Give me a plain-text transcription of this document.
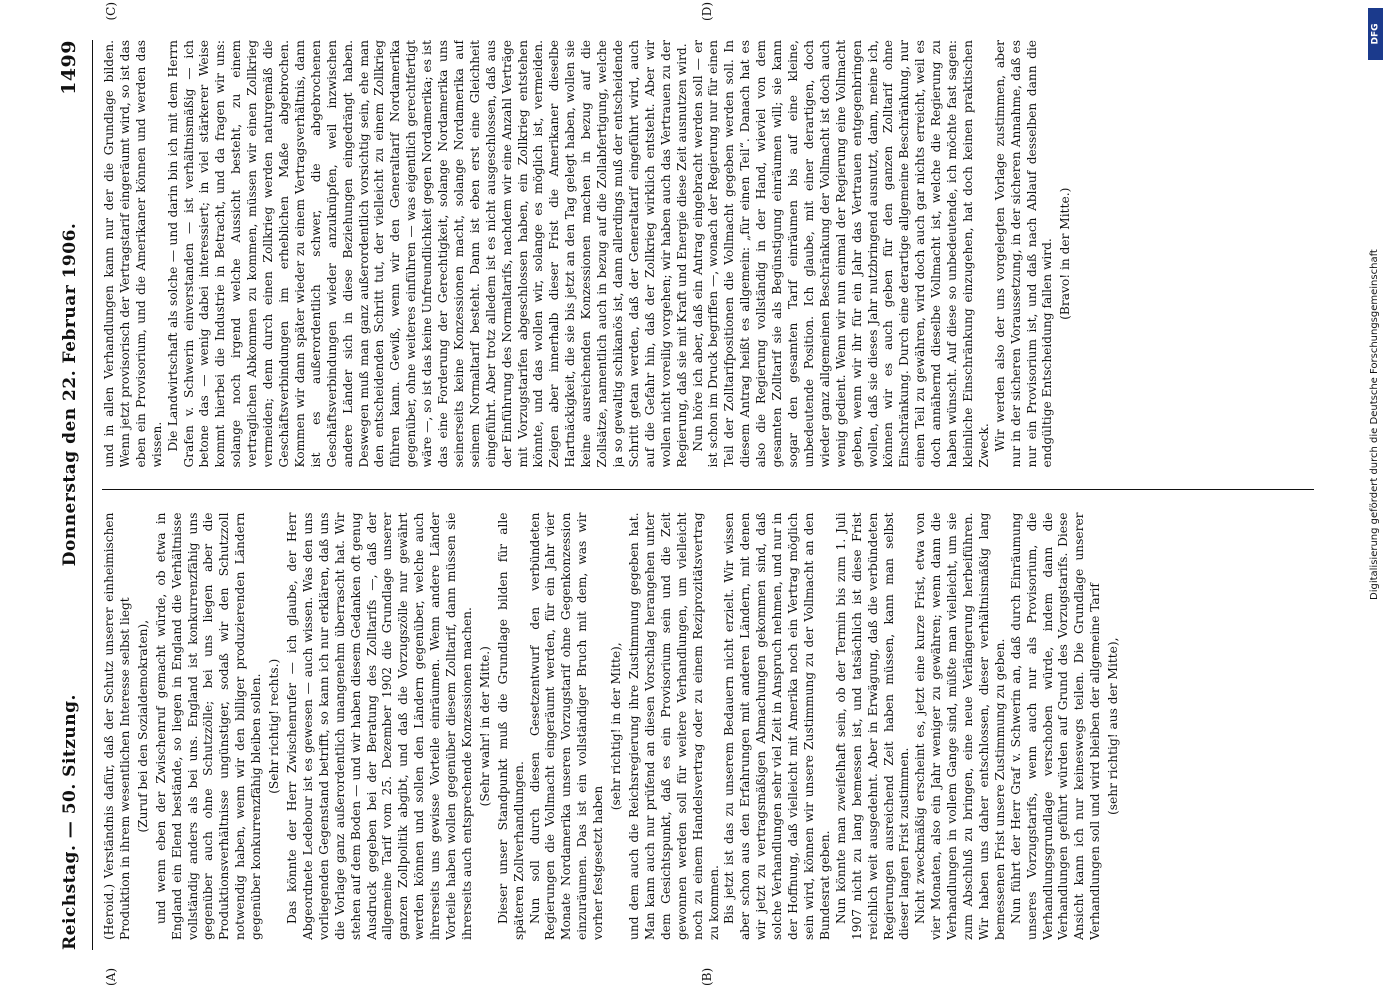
Reichstag. — 50. Sitzung.
Donnerstag den 22. Februar 1906.
1499
(A)	(B)
(C)	(D)

(Heroid.) Verständnis dafür, daß der Schutz unserer einheimischen Produktion in ihrem wesentlichen Interesse selbst liegt (Zuruf bei den Sozialdemokraten), und wenn eben der Zwischenruf gemacht würde, ob etwa in England ein Elend bestände, so liegen in England die Verhältnisse vollständig anders als bei uns. England ist konkurrenzfähig uns gegenüber auch ohne Schutzzölle; bei uns liegen aber die Produktionsverhältnisse ungünstiger, sodaß wir den Schutzzoll notwendig haben, wenn wir den billiger produzierenden Ländern gegenüber konkurrenzfähig bleiben sollen. (Sehr richtig! rechts.) Das könnte der Herr Zwischenrufer — ich glaube, der Herr Abgeordnete Ledebour ist es gewesen — auch wissen. Was den uns vorliegenden Gegenstand betrifft, so kann ich nur erklären, daß uns die Vorlage ganz außerordentlich unangenehm überrascht hat. Wir stehen auf dem Boden — und wir haben diesem Gedanken oft genug Ausdruck gegeben bei der Beratung des Zolltarifs —, daß der allgemeine Tarif vom 25. Dezember 1902 die Grundlage unserer ganzen Zollpolitik abgibt, und daß die Vorzugszölle nur gewährt werden können und sollen den Ländern gegenüber, welche auch ihrerseits uns gewisse Vorteile einräumen. Wenn andere Länder Vorteile haben wollen gegenüber diesem Zolltarif, dann müssen sie ihrerseits auch entsprechende Konzessionen machen. (Sehr wahr! in der Mitte.) Dieser unser Standpunkt muß die Grundlage bilden für alle späteren Zollverhandlungen. Nun soll durch diesen Gesetzentwurf den verbündeten Regierungen die Vollmacht eingeräumt werden, für ein Jahr vier Monate Nordamerika unseren Vorzugstarif ohne Gegenkonzession einzuräumen. Das ist ein vollständiger Bruch mit dem, was wir vorher festgesetzt haben

(sehr richtig! in der Mitte), und dem auch die Reichsregierung ihre Zustimmung gegeben hat. Man kann auch nur prüfend an diesen Vorschlag herangehen unter dem Gesichtspunkt, daß es ein Provisorium sein und die Zeit gewonnen werden soll für weitere Verhandlungen, um vielleicht noch zu einem Handelsvertrag oder zu einem Reziprozitätsvertrag zu kommen. Bis jetzt ist das zu unserem Bedauern nicht erzielt. Wir wissen aber schon aus den Erfahrungen mit anderen Ländern, mit denen wir jetzt zu vertragsmäßigen Abmachungen gekommen sind, daß solche Verhandlungen sehr viel Zeit in Anspruch nehmen, und nur in der Hoffnung, daß vielleicht mit Amerika noch ein Vertrag möglich sein wird, können wir unsere Zustimmung zu der Vollmacht an den Bundesrat geben. Nun könnte man zweifelhaft sein, ob der Termin bis zum 1. Juli 1907 nicht zu lang bemessen ist, und tatsächlich ist diese Frist reichlich weit ausgedehnt. Aber in Erwägung, daß die verbündeten Regierungen ausreichend Zeit haben müssen, kann man selbst dieser langen Frist zustimmen. Nicht zweckmäßig erscheint es, jetzt eine kurze Frist, etwa von vier Monaten, also ein Jahr weniger zu gewähren; wenn dann die Verhandlungen in vollem Gange sind, müßte man vielleicht, um sie zum Abschluß zu bringen, eine neue Verlängerung herbeiführen. Wir haben uns daher entschlossen, dieser verhältnismäßig lang bemessenen Frist unsere Zustimmung zu geben. Nun führt der Herr Graf v. Schwerin an, daß durch Einräumung unseres Vorzugstarifs, wenn auch nur als Provisorium, die Verhandlungsgrundlage verschoben würde, indem dann die Verhandlungen geführt würden auf Grund des Vorzugstarifs. Diese Ansicht kann ich nur keineswegs teilen. Die Grundlage unserer Verhandlungen soll und wird bleiben der allgemeine Tarif (sehr richtig! aus der Mitte),

und in allen Verhandlungen kann nur der die Grundlage bilden. Wenn jetzt provisorisch der Vertragstarif eingeräumt wird, so ist das eben ein Provisorium, und die Amerikaner können und werden das wissen. Die Landwirtschaft als solche — und darin bin ich mit dem Herrn Grafen v. Schwerin einverstanden — ist verhältnismäßig — ich betone das — wenig dabei interessiert; in viel stärkerer Weise kommt hierbei die Industrie in Betracht, und da fragen wir uns: solange noch irgend welche Aussicht besteht, zu einem vertraglichen Abkommen zu kommen, müssen wir einen Zollkrieg vermeiden; denn durch einen Zollkrieg werden naturgemäß die Geschäftsverbindungen im erheblichen Maße abgebrochen. Kommen wir dann später wieder zu einem Vertragsverhältnis, dann ist es außerordentlich schwer, die abgebrochenen Geschäftsverbindungen wieder anzuknüpfen, weil inzwischen andere Länder sich in diese Beziehungen eingedrängt haben. Deswegen muß man ganz außerordentlich vorsichtig sein, ehe man den entscheidenden Schritt tut, der vielleicht zu einem Zollkrieg führen kann. Gewiß, wenn wir den Generaltarif Nordamerika gegenüber, ohne weiteres einführen — was eigentlich gerechtfertigt wäre —, so ist das keine Unfreundlichkeit gegen Nordamerika; es ist das eine Forderung der Gerechtigkeit, solange Nordamerika uns seinerseits keine Konzessionen macht, solange Nordamerika auf seinem Normaltarif besteht. Dann ist eben erst eine Gleichheit eingeführt. Aber trotz alledem ist es nicht ausgeschlossen, daß aus der Einführung des Normaltarifs, nachdem wir eine Anzahl Verträge mit Vorzugstarifen abgeschlossen haben, ein Zollkrieg entstehen könnte, und das wollen wir, solange es möglich ist, vermeiden. Zeigen aber innerhalb dieser Frist die Amerikaner dieselbe Hartnäckigkeit, die sie bis jetzt an den Tag gelegt haben, wollen sie keine ausreichenden Konzessionen machen in bezug auf die Zollsätze, namentlich auch in bezug auf die Zollabfertigung, welche ja so gewaltig schikanös ist, dann allerdings muß der entscheidende Schritt getan werden, daß der Generaltarif eingeführt wird, auch auf die Gefahr hin, daß der Zollkrieg wirklich entsteht. Aber wir wollen nicht voreilig vorgehen; wir haben auch das Vertrauen zu der Regierung, daß sie mit Kraft und Energie diese Zeit ausnutzen wird. Nun höre ich aber, daß ein Antrag eingebracht werden soll — er ist schon im Druck begriffen —, wonach der Regierung nur für einen Teil der Zolltarifpositionen die Vollmacht gegeben werden soll. In diesem Antrag heißt es allgemein: „für einen Teil“. Danach hat es also die Regierung vollständig in der Hand, wieviel von dem gesamten Zolltarif sie als Begünstigung einräumen will; sie kann sogar den gesamten Tarif einräumen bis auf eine kleine, unbedeutende Position. Ich glaube, mit einer derartigen, doch wieder ganz allgemeinen Beschränkung der Vollmacht ist doch auch wenig gedient. Wenn wir nun einmal der Regierung eine Vollmacht geben, wenn wir ihr für ein Jahr das Vertrauen entgegenbringen wollen, daß sie dieses Jahr nutzbringend ausnutzt, dann, meine ich, können wir es auch geben für den ganzen Zolltarif ohne Einschränkung. Durch eine derartige allgemeine Beschränkung, nur einen Teil zu gewähren, wird doch auch gar nichts erreicht, weil es doch annähernd dieselbe Vollmacht ist, welche die Regierung zu haben wünscht. Auf diese so unbedeutende, ich möchte fast sagen: kleinliche Einschränkung einzugehen, hat doch keinen praktischen Zweck. Wir werden also der uns vorgelegten Vorlage zustimmen, aber nur in der sicheren Voraussetzung, in der sicheren Annahme, daß es nur ein Provisorium ist, und daß nach Ablauf desselben dann die endgültige Entscheidung fallen wird. (Bravo! in der Mitte.)	Digitalisierung gefördert durch die Deutsche Forschungsgemeinschaft
DFG
